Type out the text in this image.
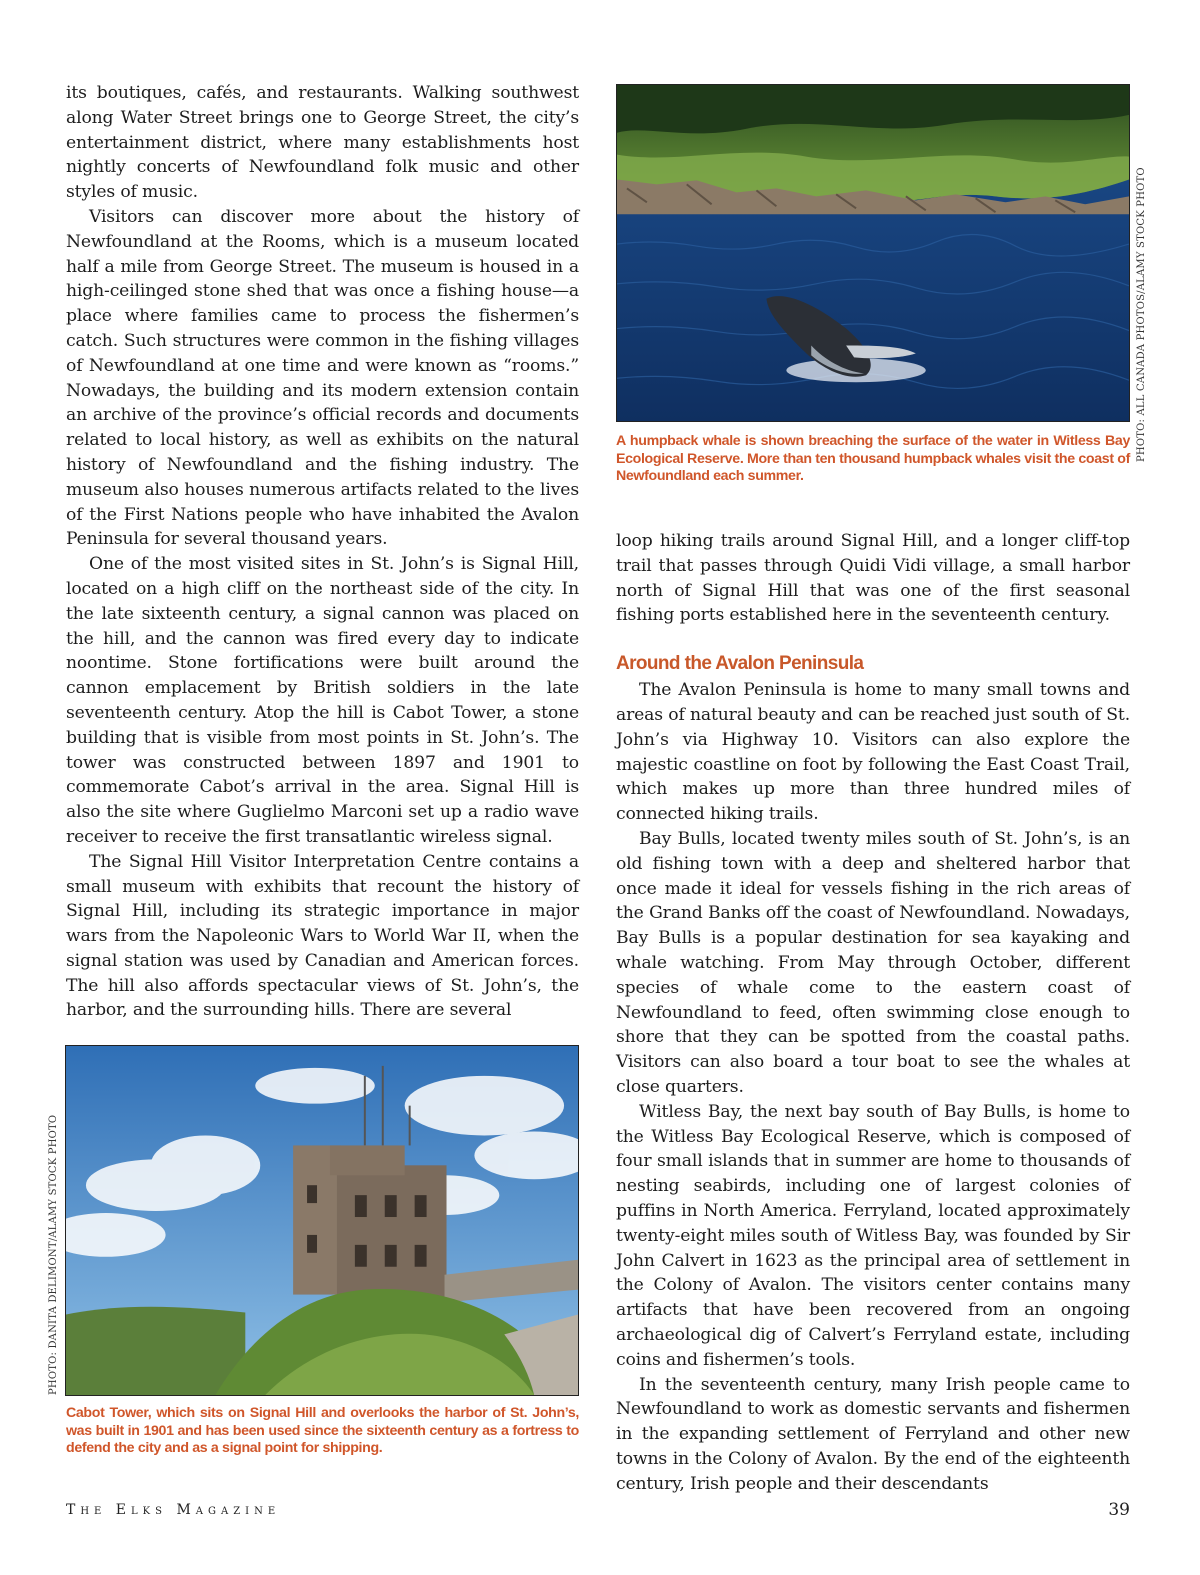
its boutiques, cafés, and restaurants. Walking southwest along Water Street brings one to George Street, the city’s entertainment district, where many establishments host nightly concerts of Newfoundland folk music and other styles of music.

Visitors can discover more about the history of Newfoundland at the Rooms, which is a museum located half a mile from George Street. The museum is housed in a high-ceilinged stone shed that was once a fishing house—a place where families came to process the fishermen’s catch. Such structures were common in the fishing villages of Newfoundland at one time and were known as “rooms.” Nowadays, the building and its modern extension contain an archive of the province’s official records and documents related to local history, as well as exhibits on the natural history of Newfoundland and the fishing industry. The museum also houses numerous artifacts related to the lives of the First Nations people who have inhabited the Avalon Peninsula for several thousand years.

One of the most visited sites in St. John’s is Signal Hill, located on a high cliff on the northeast side of the city. In the late sixteenth century, a signal cannon was placed on the hill, and the cannon was fired every day to indicate noontime. Stone fortifications were built around the cannon emplacement by British soldiers in the late seventeenth century. Atop the hill is Cabot Tower, a stone building that is visible from most points in St. John’s. The tower was constructed between 1897 and 1901 to commemorate Cabot’s arrival in the area. Signal Hill is also the site where Guglielmo Marconi set up a radio wave receiver to receive the first transatlantic wireless signal.

The Signal Hill Visitor Interpretation Centre contains a small museum with exhibits that recount the history of Signal Hill, including its strategic importance in major wars from the Napoleonic Wars to World War II, when the signal station was used by Canadian and American forces. The hill also affords spectacular views of St. John’s, the harbor, and the surrounding hills. There are several

A humpback whale is shown breaching the surface of the water in Witless Bay Ecological Reserve. More than ten thousand humpback whales visit the coast of Newfoundland each summer.
PHOTO: ALL CANADA PHOTOS/ALAMY STOCK PHOTO

loop hiking trails around Signal Hill, and a longer cliff-top trail that passes through Quidi Vidi village, a small harbor north of Signal Hill that was one of the first seasonal fishing ports established here in the seventeenth century.

Around the Avalon Peninsula

The Avalon Peninsula is home to many small towns and areas of natural beauty and can be reached just south of St. John’s via Highway 10. Visitors can also explore the majestic coastline on foot by following the East Coast Trail, which makes up more than three hundred miles of connected hiking trails.

Bay Bulls, located twenty miles south of St. John’s, is an old fishing town with a deep and sheltered harbor that once made it ideal for vessels fishing in the rich areas of the Grand Banks off the coast of Newfoundland. Nowadays, Bay Bulls is a popular destination for sea kayaking and whale watching. From May through October, different species of whale come to the eastern coast of Newfoundland to feed, often swimming close enough to shore that they can be spotted from the coastal paths. Visitors can also board a tour boat to see the whales at close quarters.

Witless Bay, the next bay south of Bay Bulls, is home to the Witless Bay Ecological Reserve, which is composed of four small islands that in summer are home to thousands of nesting seabirds, including one of largest colonies of puffins in North America. Ferryland, located approximately twenty-eight miles south of Witless Bay, was founded by Sir John Calvert in 1623 as the principal area of settlement in the Colony of Avalon. The visitors center contains many artifacts that have been recovered from an ongoing archaeological dig of Calvert’s Ferryland estate, including coins and fishermen’s tools.

In the seventeenth century, many Irish people came to Newfoundland to work as domestic servants and fishermen in the expanding settlement of Ferryland and other new towns in the Colony of Avalon. By the end of the eighteenth century, Irish people and their descendants

Cabot Tower, which sits on Signal Hill and overlooks the harbor of St. John’s, was built in 1901 and has been used since the sixteenth century as a fortress to defend the city and as a signal point for shipping.
PHOTO: DANITA DELIMONT/ALAMY STOCK PHOTO
The Elks Magazine	39
